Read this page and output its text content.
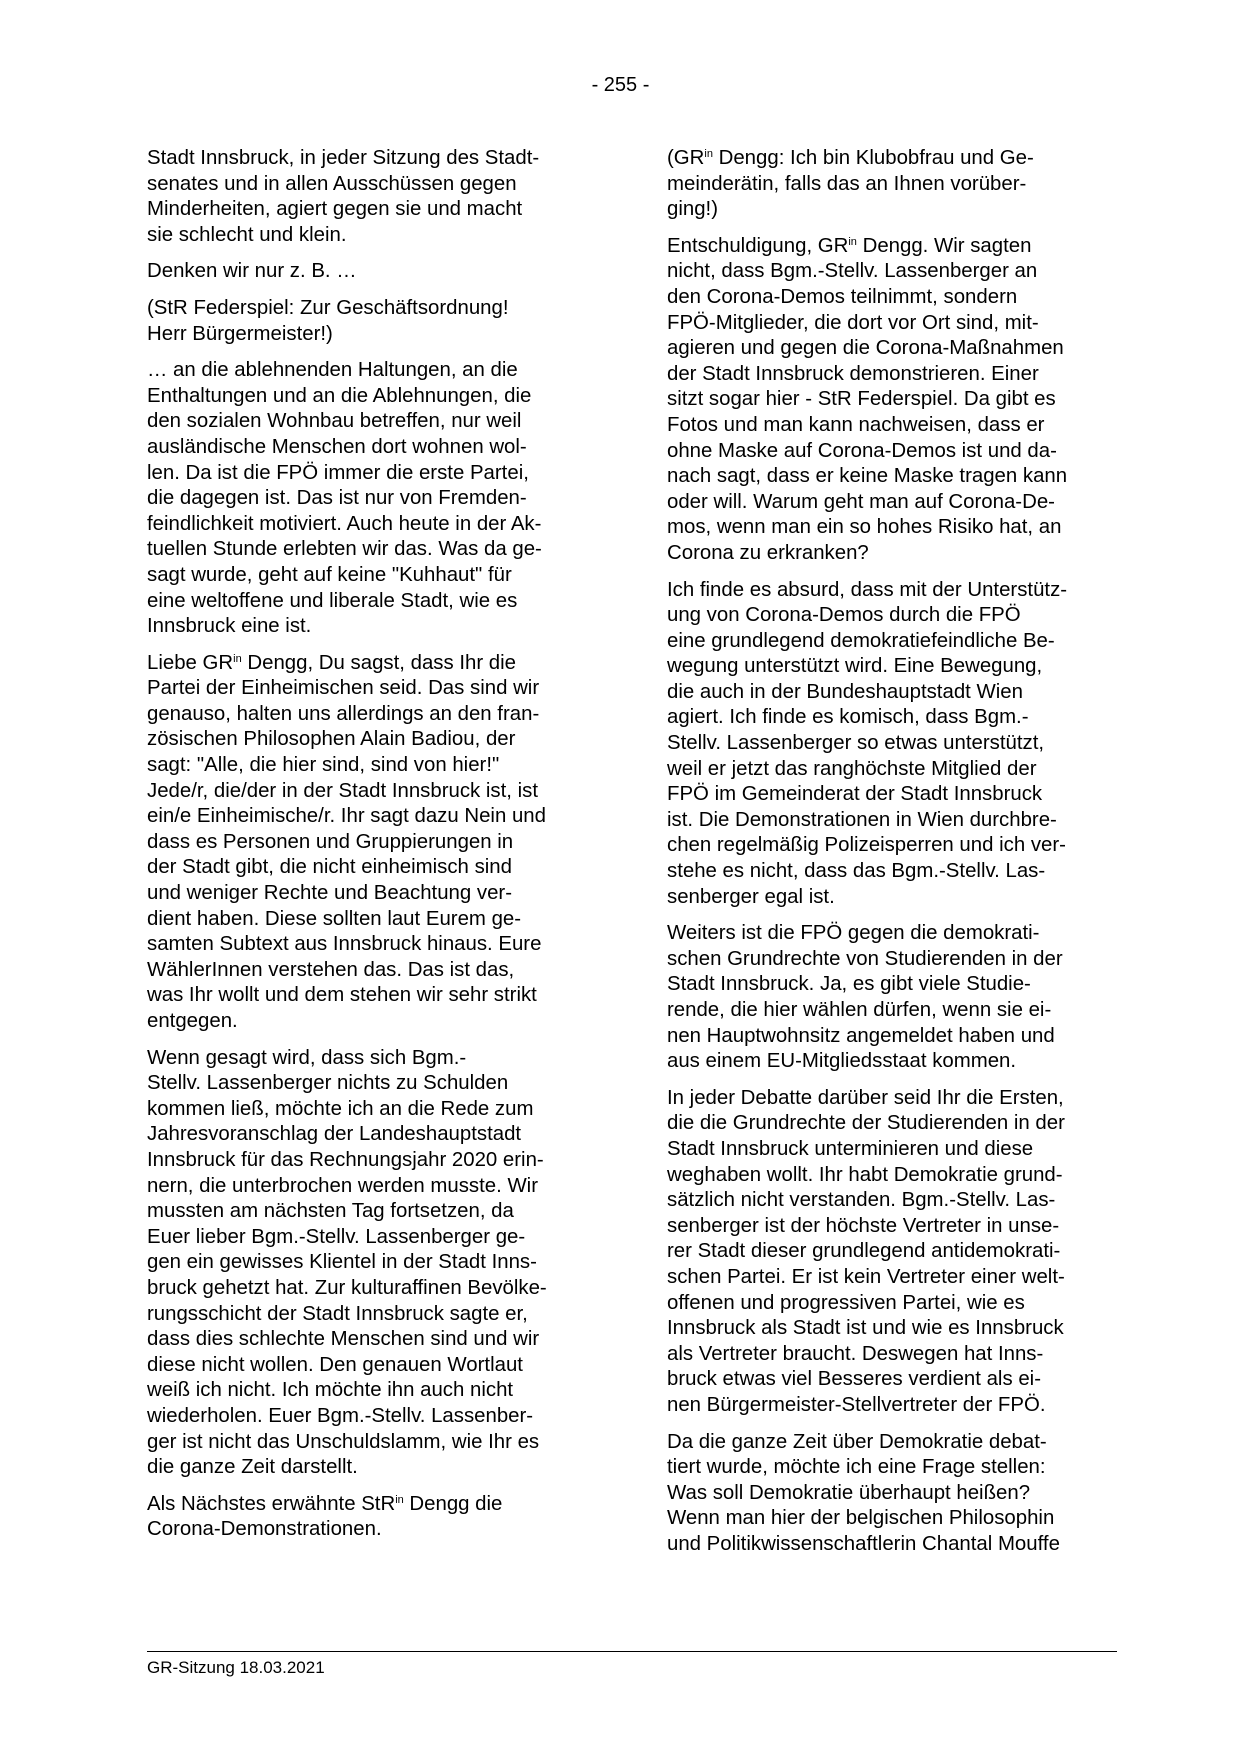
- 255 -

Stadt Innsbruck, in jeder Sitzung des Stadt-
senates und in allen Ausschüssen gegen
Minderheiten, agiert gegen sie und macht
sie schlecht und klein.

Denken wir nur z. B. …

(StR Federspiel: Zur Geschäftsordnung!
Herr Bürgermeister!)

… an die ablehnenden Haltungen, an die
Enthaltungen und an die Ablehnungen, die
den sozialen Wohnbau betreffen, nur weil
ausländische Menschen dort wohnen wol-
len. Da ist die FPÖ immer die erste Partei,
die dagegen ist. Das ist nur von Fremden-
feindlichkeit motiviert. Auch heute in der Ak-
tuellen Stunde erlebten wir das. Was da ge-
sagt wurde, geht auf keine "Kuhhaut" für
eine weltoffene und liberale Stadt, wie es
Innsbruck eine ist.

Liebe $GR^{in}$ Dengg, Du sagst, dass Ihr die
Partei der Einheimischen seid. Das sind wir
genauso, halten uns allerdings an den fran-
zösischen Philosophen Alain Badiou, der
sagt: "Alle, die hier sind, sind von hier!"
Jede/r, die/der in der Stadt Innsbruck ist, ist
ein/e Einheimische/r. Ihr sagt dazu Nein und
dass es Personen und Gruppierungen in
der Stadt gibt, die nicht einheimisch sind
und weniger Rechte und Beachtung ver-
dient haben. Diese sollten laut Eurem ge-
samten Subtext aus Innsbruck hinaus. Eure
WählerInnen verstehen das. Das ist das,
was Ihr wollt und dem stehen wir sehr strikt
entgegen.

Wenn gesagt wird, dass sich Bgm.-
Stellv. Lassenberger nichts zu Schulden
kommen ließ, möchte ich an die Rede zum
Jahresvoranschlag der Landeshauptstadt
Innsbruck für das Rechnungsjahr 2020 erin-
nern, die unterbrochen werden musste. Wir
mussten am nächsten Tag fortsetzen, da
Euer lieber Bgm.-Stellv. Lassenberger ge-
gen ein gewisses Klientel in der Stadt Inns-
bruck gehetzt hat. Zur kulturaffinen Bevölke-
rungsschicht der Stadt Innsbruck sagte er,
dass dies schlechte Menschen sind und wir
diese nicht wollen. Den genauen Wortlaut
weiß ich nicht. Ich möchte ihn auch nicht
wiederholen. Euer Bgm.-Stellv. Lassenber-
ger ist nicht das Unschuldslamm, wie Ihr es
die ganze Zeit darstellt.

Als Nächstes erwähnte StR$^{in}$ Dengg die
Corona-Demonstrationen.

($GR^{in}$ Dengg: Ich bin Klubobfrau und Ge-
meinderätin, falls das an Ihnen vorüber-
ging!)

Entschuldigung, $GR^{in}$ Dengg. Wir sagten
nicht, dass Bgm.-Stellv. Lassenberger an
den Corona-Demos teilnimmt, sondern
FPÖ-Mitglieder, die dort vor Ort sind, mit-
agieren und gegen die Corona-Maßnahmen
der Stadt Innsbruck demonstrieren. Einer
sitzt sogar hier - StR Federspiel. Da gibt es
Fotos und man kann nachweisen, dass er
ohne Maske auf Corona-Demos ist und da-
nach sagt, dass er keine Maske tragen kann
oder will. Warum geht man auf Corona-De-
mos, wenn man ein so hohes Risiko hat, an
Corona zu erkranken?

Ich finde es absurd, dass mit der Unterstütz-
ung von Corona-Demos durch die FPÖ
eine grundlegend demokratiefeindliche Be-
wegung unterstützt wird. Eine Bewegung,
die auch in der Bundeshauptstadt Wien
agiert. Ich finde es komisch, dass Bgm.-
Stellv. Lassenberger so etwas unterstützt,
weil er jetzt das ranghöchste Mitglied der
FPÖ im Gemeinderat der Stadt Innsbruck
ist. Die Demonstrationen in Wien durchbre-
chen regelmäßig Polizeisperren und ich ver-
stehe es nicht, dass das Bgm.-Stellv. Las-
senberger egal ist.

Weiters ist die FPÖ gegen die demokrati-
schen Grundrechte von Studierenden in der
Stadt Innsbruck. Ja, es gibt viele Studie-
rende, die hier wählen dürfen, wenn sie ei-
nen Hauptwohnsitz angemeldet haben und
aus einem EU-Mitgliedsstaat kommen.

In jeder Debatte darüber seid Ihr die Ersten,
die die Grundrechte der Studierenden in der
Stadt Innsbruck unterminieren und diese
weghaben wollt. Ihr habt Demokratie grund-
sätzlich nicht verstanden. Bgm.-Stellv. Las-
senberger ist der höchste Vertreter in unse-
rer Stadt dieser grundlegend antidemokrati-
schen Partei. Er ist kein Vertreter einer welt-
offenen und progressiven Partei, wie es
Innsbruck als Stadt ist und wie es Innsbruck
als Vertreter braucht. Deswegen hat Inns-
bruck etwas viel Besseres verdient als ei-
nen Bürgermeister-Stellvertreter der FPÖ.

Da die ganze Zeit über Demokratie debat-
tiert wurde, möchte ich eine Frage stellen:
Was soll Demokratie überhaupt heißen?
Wenn man hier der belgischen Philosophin
und Politikwissenschaftlerin Chantal Mouffe

GR-Sitzung 18.03.2021
